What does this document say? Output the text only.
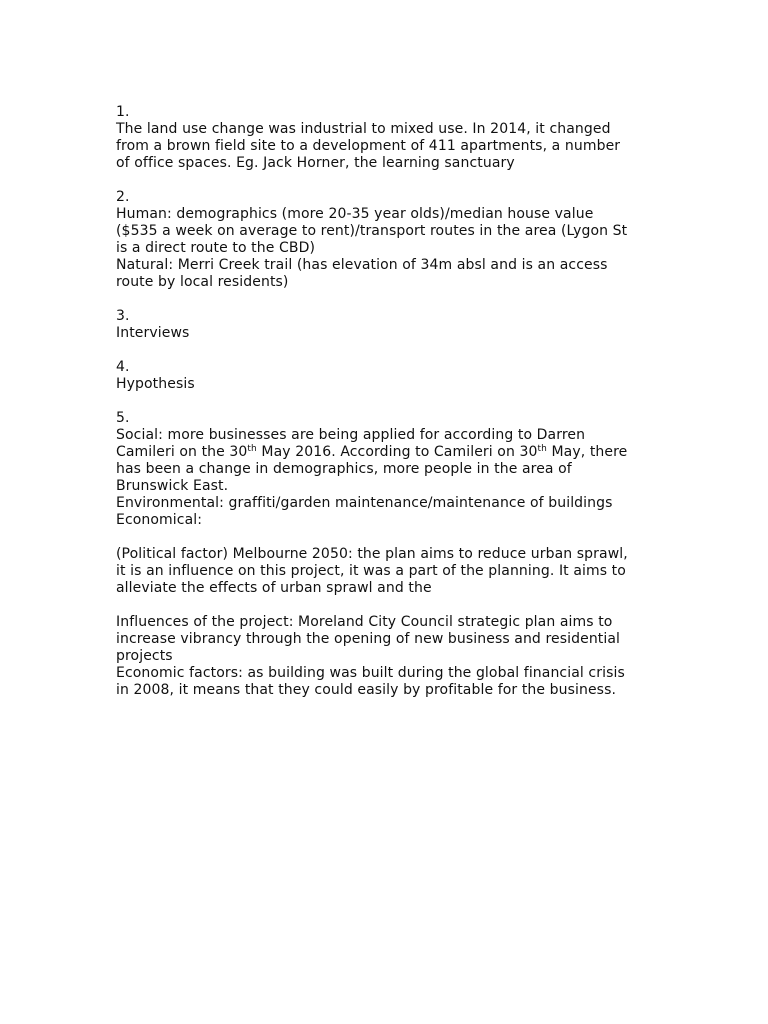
1.
The land use change was industrial to mixed use. In 2014, it changed
from a brown field site to a development of 411 apartments, a number
of office spaces. Eg. Jack Horner, the learning sanctuary
2.
Human: demographics (more 20-35 year olds)/median house value
($535 a week on average to rent)/transport routes in the area (Lygon St
is a direct route to the CBD)
Natural: Merri Creek trail (has elevation of 34m absl and is an access
route by local residents)
3.
Interviews
4.
Hypothesis
5.
Social: more businesses are being applied for according to Darren
Camileri on the 30th May 2016. According to Camileri on 30th May, there
has been a change in demographics, more people in the area of
Brunswick East.
Environmental: graffiti/garden maintenance/maintenance of buildings
Economical:
(Political factor) Melbourne 2050: the plan aims to reduce urban sprawl,
it is an influence on this project, it was a part of the planning. It aims to
alleviate the effects of urban sprawl and the
Influences of the project: Moreland City Council strategic plan aims to
increase vibrancy through the opening of new business and residential
projects
Economic factors: as building was built during the global financial crisis
in 2008, it means that they could easily by profitable for the business.
